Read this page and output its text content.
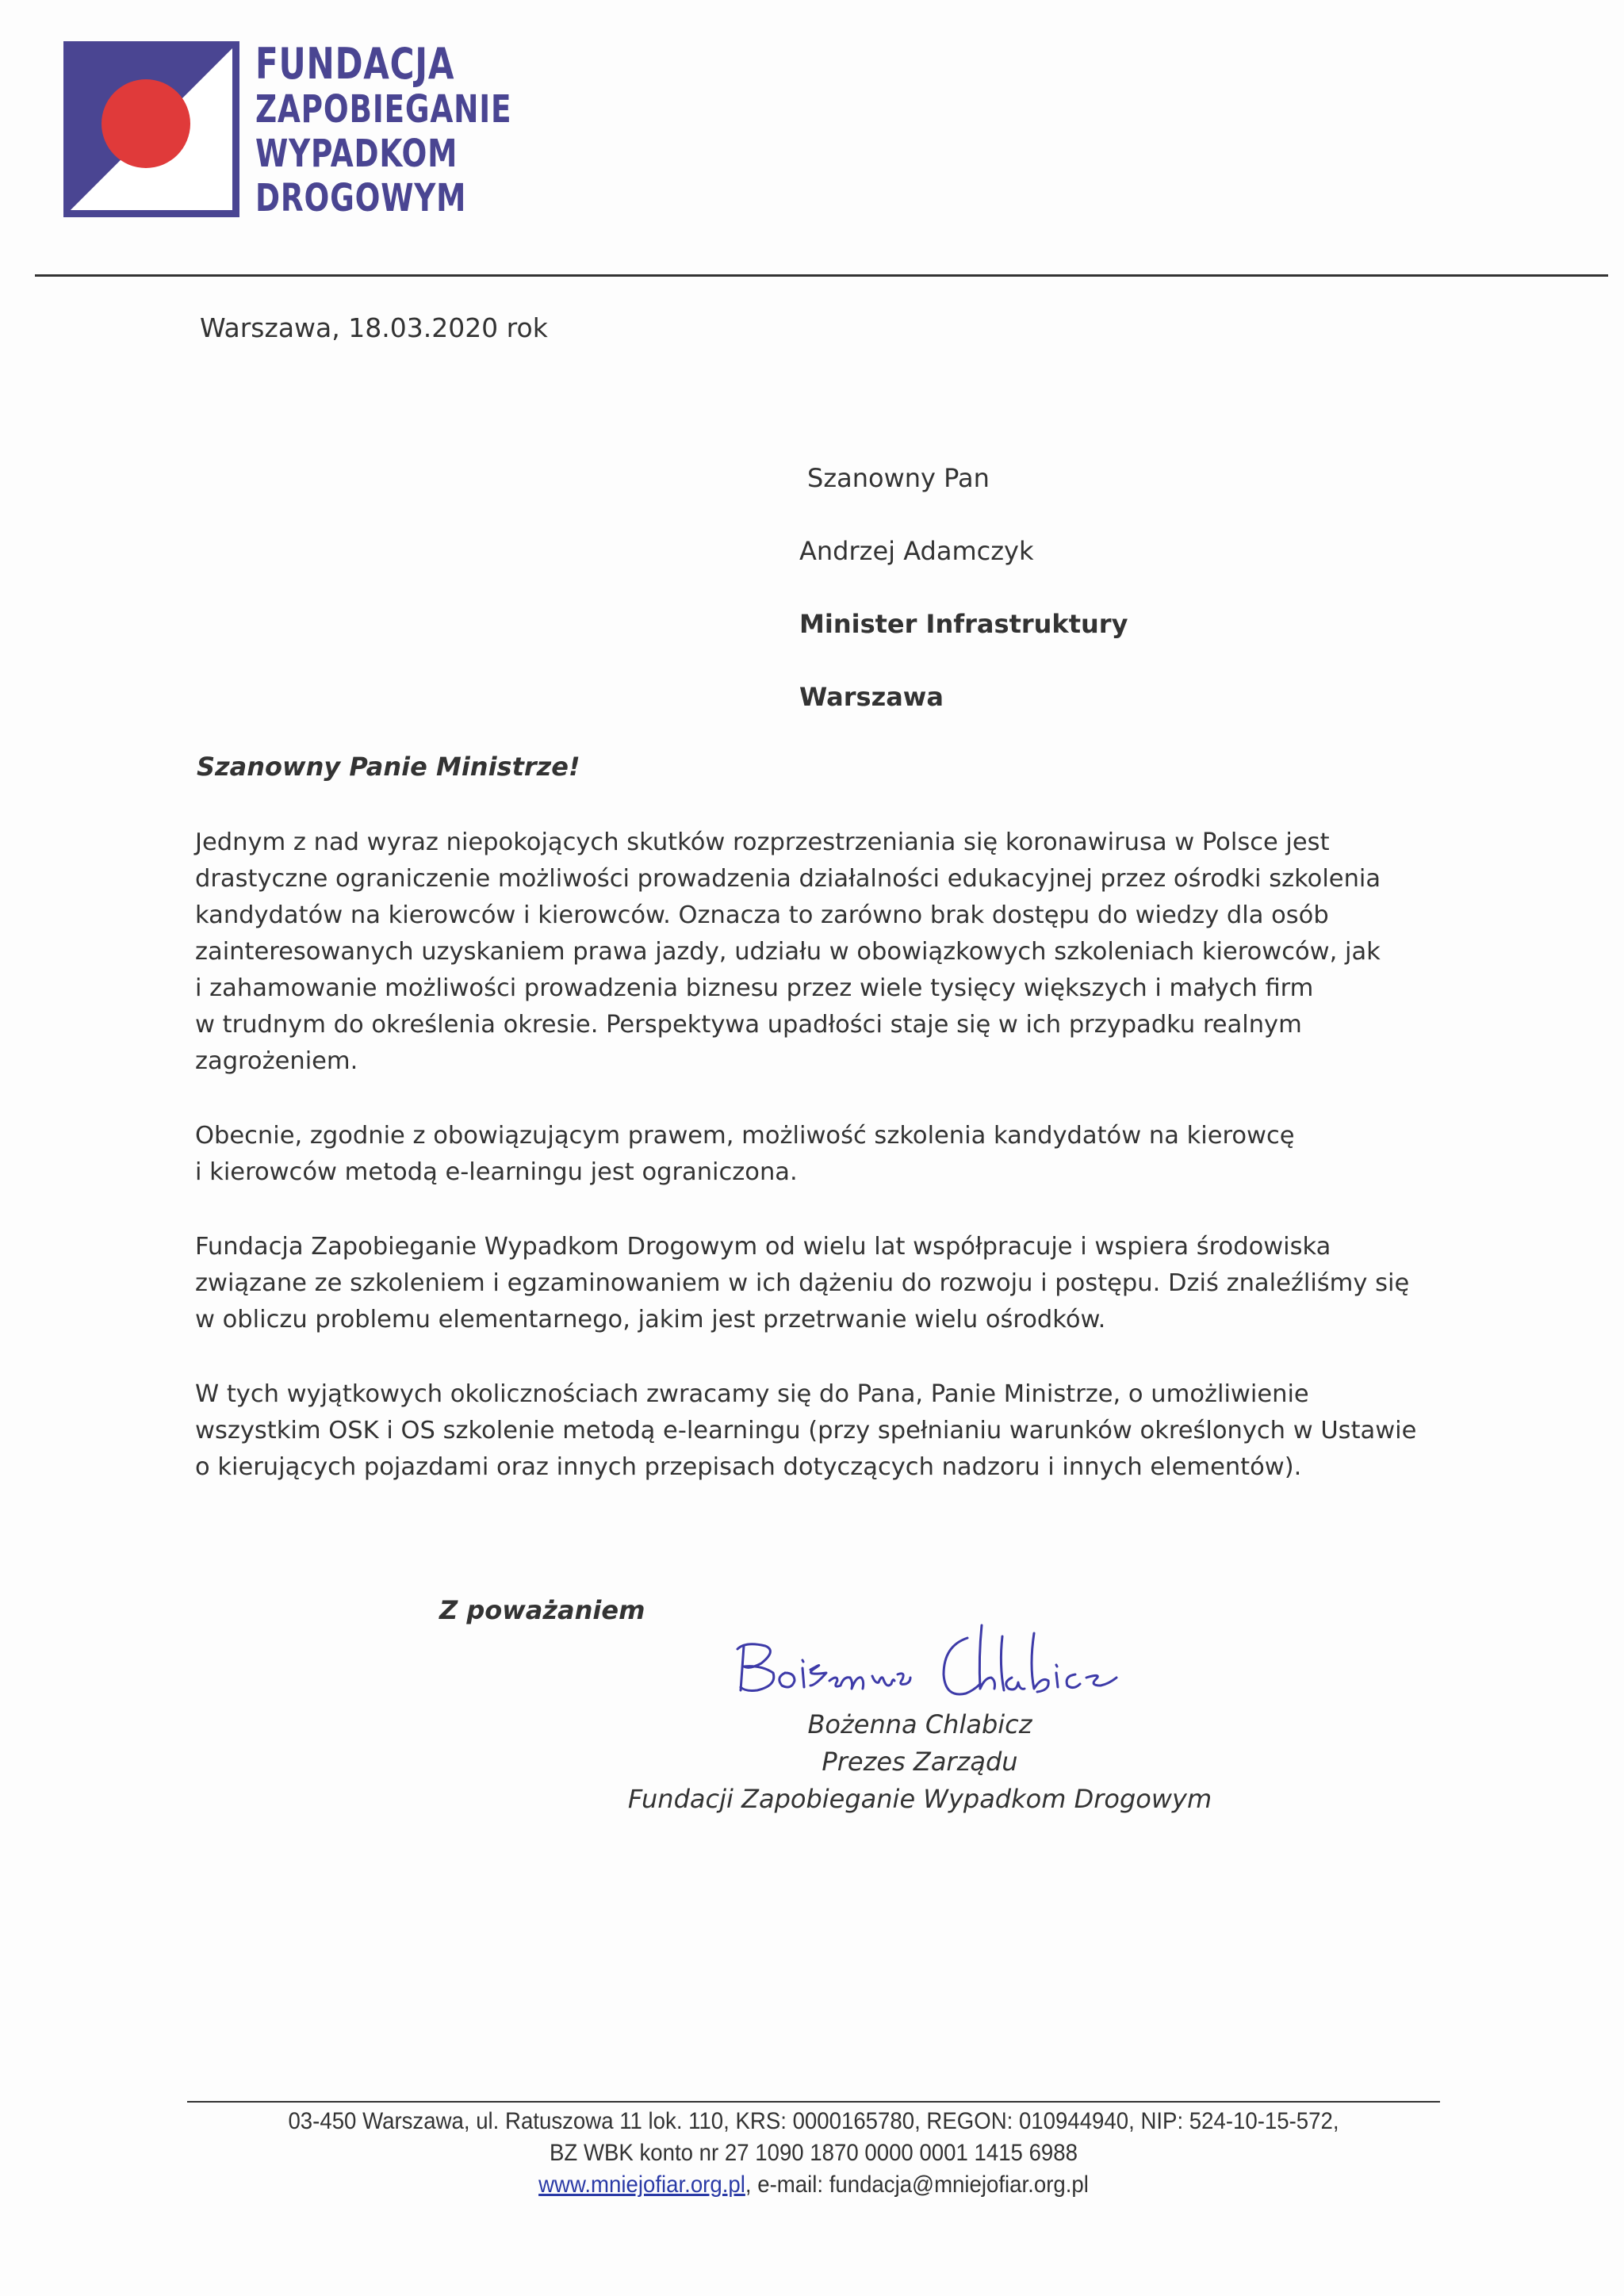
FUNDACJA
ZAPOBIEGANIE
WYPADKOM
DROGOWYM
Warszawa, 18.03.2020 rok
Szanowny Pan
Andrzej Adamczyk
Minister Infrastruktury
Warszawa
Szanowny Panie Ministrze!

Jednym z nad wyraz niepokojących skutków rozprzestrzeniania się koronawirusa w Polsce jest
drastyczne ograniczenie możliwości prowadzenia działalności edukacyjnej przez ośrodki szkolenia
kandydatów na kierowców i kierowców. Oznacza to zarówno brak dostępu do wiedzy dla osób
zainteresowanych uzyskaniem prawa jazdy, udziału w obowiązkowych szkoleniach kierowców, jak
i zahamowanie możliwości prowadzenia biznesu przez wiele tysięcy większych i małych firm
w trudnym do określenia okresie. Perspektywa upadłości staje się w ich przypadku realnym
zagrożeniem.

Obecnie, zgodnie z obowiązującym prawem, możliwość szkolenia kandydatów na kierowcę
i kierowców metodą e-learningu jest ograniczona.

Fundacja Zapobieganie Wypadkom Drogowym od wielu lat współpracuje i wspiera środowiska
związane ze szkoleniem i egzaminowaniem w ich dążeniu do rozwoju i postępu. Dziś znaleźliśmy się
w obliczu problemu elementarnego, jakim jest przetrwanie wielu ośrodków.

W tych wyjątkowych okolicznościach zwracamy się do Pana, Panie Ministrze, o umożliwienie
wszystkim OSK i OS szkolenie metodą e-learningu (przy spełnianiu warunków określonych w Ustawie
o kierujących pojazdami oraz innych przepisach dotyczących nadzoru i innych elementów).

Z poważaniem
Bożenna Chlabicz
Prezes Zarządu
Fundacji Zapobieganie Wypadkom Drogowym
03-450 Warszawa, ul. Ratuszowa 11 lok. 110, KRS: 0000165780, REGON: 010944940, NIP: 524-10-15-572,
BZ WBK konto nr 27 1090 1870 0000 0001 1415 6988
www.mniejofiar.org.pl, e-mail: fundacja@mniejofiar.org.pl
